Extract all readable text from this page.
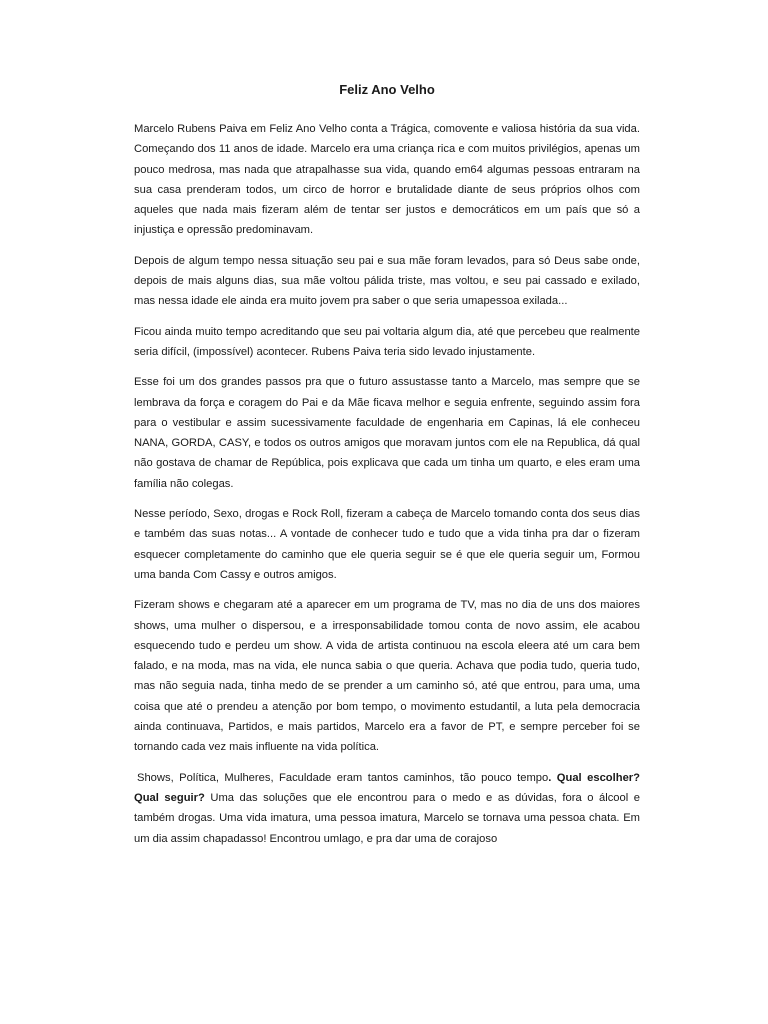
Feliz Ano Velho

Marcelo Rubens Paiva em Feliz Ano Velho conta a Trágica, comovente e valiosa história da sua vida. Começando dos 11 anos de idade. Marcelo era uma criança rica e com muitos privilégios, apenas um pouco medrosa, mas nada que atrapalhasse sua vida, quando em64 algumas pessoas entraram na sua casa prenderam todos, um circo de horror e brutalidade diante de seus próprios olhos com aqueles que nada mais fizeram além de tentar ser justos e democráticos em um país que só a injustiça e opressão predominavam.

Depois de algum tempo nessa situação seu pai e sua mãe foram levados, para só Deus sabe onde, depois de mais alguns dias, sua mãe voltou pálida triste, mas voltou, e seu pai cassado e exilado, mas nessa idade ele ainda era muito jovem pra saber o que seria umapessoa exilada...

Ficou ainda muito tempo acreditando que seu pai voltaria algum dia, até que percebeu que realmente seria difícil, (impossível) acontecer. Rubens Paiva teria sido levado injustamente.

Esse foi um dos grandes passos pra que o futuro assustasse tanto a Marcelo, mas sempre que se lembrava da força e coragem do Pai e da Mãe ficava melhor e seguia enfrente, seguindo assim fora para o vestibular e assim sucessivamente faculdade de engenharia em Capinas, lá ele conheceu NANA, GORDA, CASY, e todos os outros amigos que moravam juntos com ele na Republica, dá qual não gostava de chamar de República, pois explicava que cada um tinha um quarto, e eles eram uma família não colegas.

Nesse período, Sexo, drogas e Rock Roll, fizeram a cabeça de Marcelo tomando conta dos seus dias e também das suas notas... A vontade de conhecer tudo e tudo que a vida tinha pra dar o fizeram esquecer completamente do caminho que ele queria seguir se é que ele queria seguir um, Formou uma banda Com Cassy e outros amigos.

Fizeram shows e chegaram até a aparecer em um programa de TV, mas no dia de uns dos maiores shows, uma mulher o dispersou, e a irresponsabilidade tomou conta de novo assim, ele acabou esquecendo tudo e perdeu um show. A vida de artista continuou na escola eleera até um cara bem falado, e na moda, mas na vida, ele nunca sabia o que queria. Achava que podia tudo, queria tudo, mas não seguia nada, tinha medo de se prender a um caminho só, até que entrou, para uma, uma coisa que até o prendeu a atenção por bom tempo, o movimento estudantil, a luta pela democracia ainda continuava, Partidos, e mais partidos, Marcelo era a favor de PT, e sempre perceber foi se tornando cada vez mais influente na vida política.

Shows, Política, Mulheres, Faculdade eram tantos caminhos, tão pouco tempo. Qual escolher? Qual seguir? Uma das soluções que ele encontrou para o medo e as dúvidas, fora o álcool e também drogas. Uma vida imatura, uma pessoa imatura, Marcelo se tornava uma pessoa chata. Em um dia assim chapadasso! Encontrou umlago, e pra dar uma de corajoso
